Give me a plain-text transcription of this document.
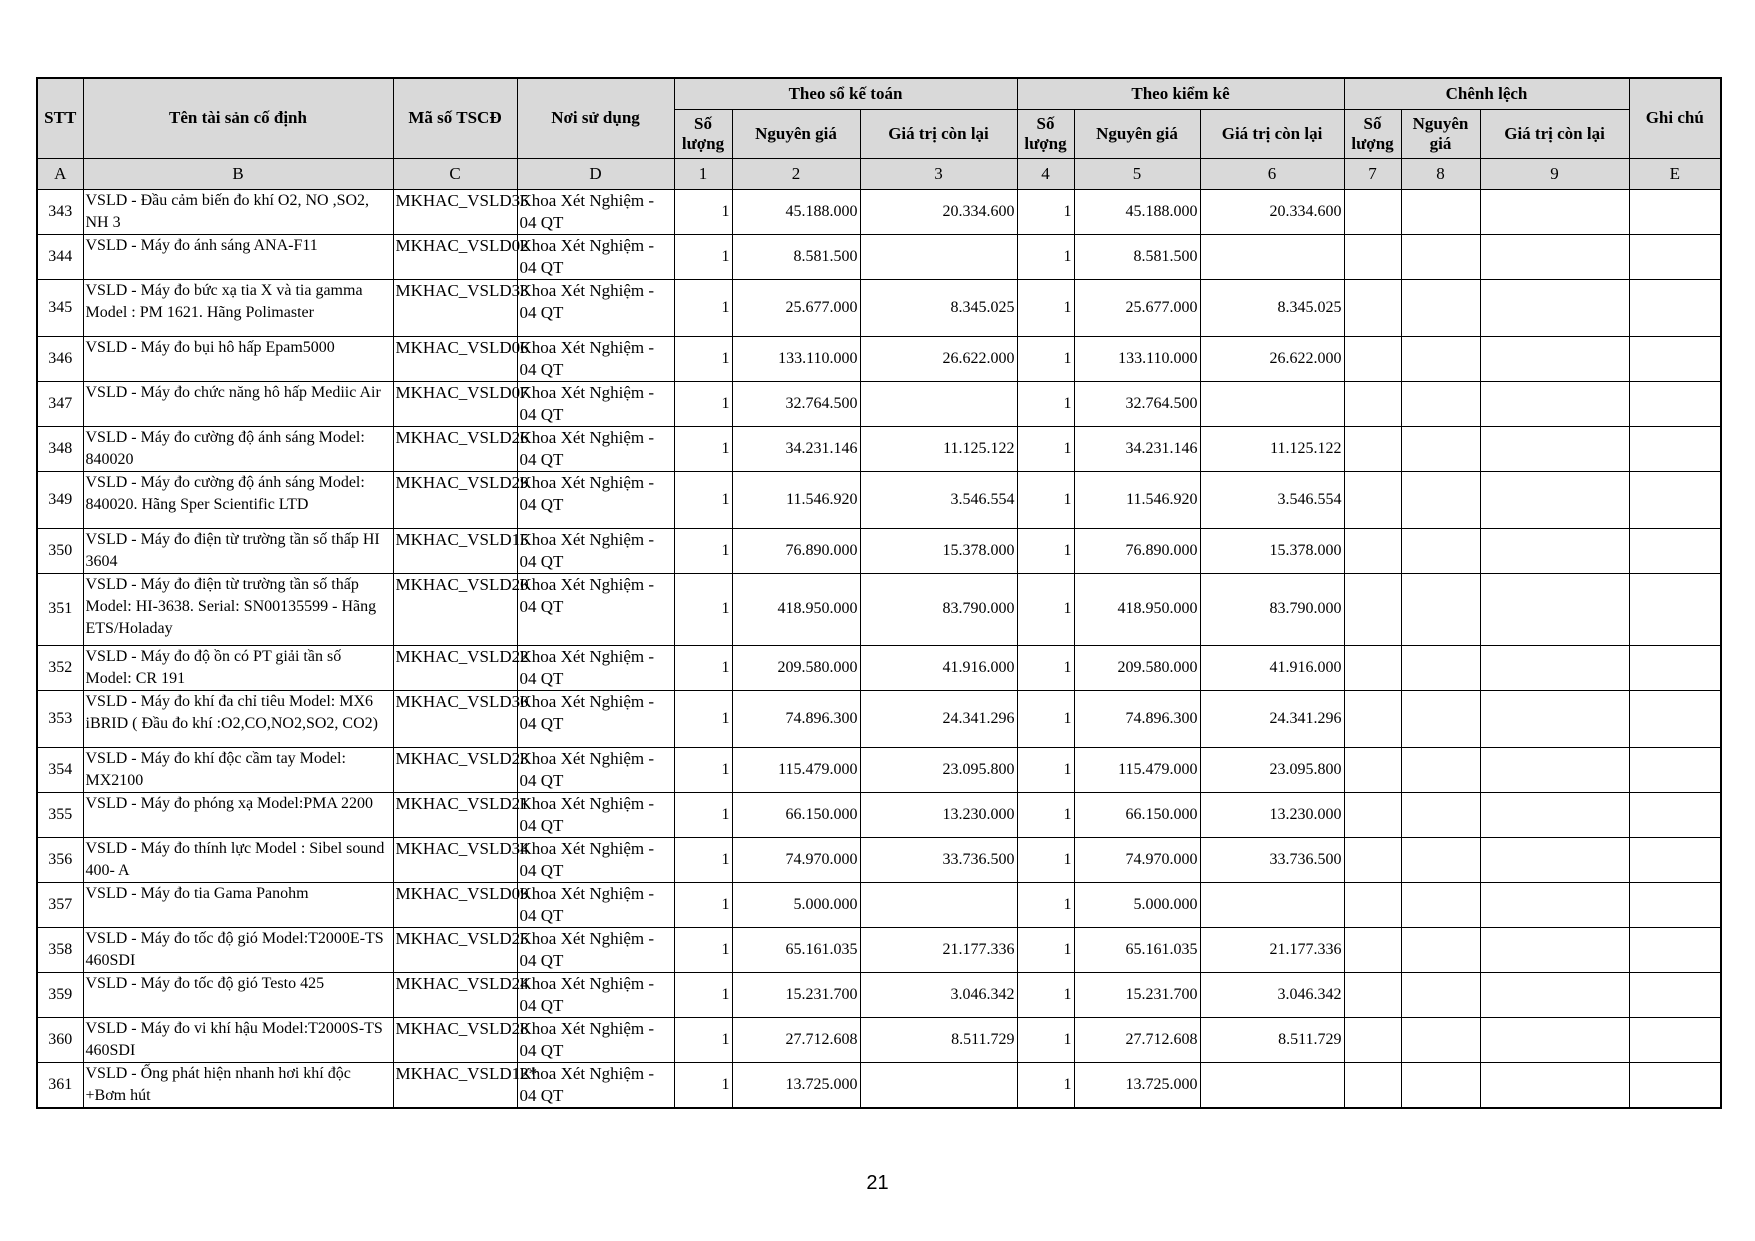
STT	Tên tài sản cố định	Mã số TSCĐ	Nơi sử dụng	Theo sổ kế toán			Theo kiểm kê			Chênh lệch			Ghi chú
				Số lượng	Nguyên giá	Giá trị còn lại	Số lượng	Nguyên giá	Giá trị còn lại	Số lượng	Nguyên giá	Giá trị còn lại	
A	B	C	D	1	2	3	4	5	6	7	8	9	E
343	VSLD - Đầu cảm biến đo khí O2, NO ,SO2, NH 3	MKHAC_VSLD35	Khoa Xét Nghiệm - 04 QT	1	45.188.000	20.334.600	1	45.188.000	20.334.600				
344	VSLD - Máy đo ánh sáng ANA-F11	MKHAC_VSLD02	Khoa Xét Nghiệm - 04 QT	1	8.581.500		1	8.581.500					
345	VSLD - Máy đo bức xạ tia X và tia gamma Model : PM 1621. Hãng Polimaster	MKHAC_VSLD33	Khoa Xét Nghiệm - 04 QT	1	25.677.000	8.345.025	1	25.677.000	8.345.025				
346	VSLD - Máy đo bụi hô hấp Epam5000	MKHAC_VSLD06	Khoa Xét Nghiệm - 04 QT	1	133.110.000	26.622.000	1	133.110.000	26.622.000				
347	VSLD - Máy đo chức năng hô hấp Mediic Air	MKHAC_VSLD07	Khoa Xét Nghiệm - 04 QT	1	32.764.500		1	32.764.500					
348	VSLD - Máy đo cường độ ánh sáng Model: 840020	MKHAC_VSLD26	Khoa Xét Nghiệm - 04 QT	1	34.231.146	11.125.122	1	34.231.146	11.125.122				
349	VSLD - Máy đo cường độ ánh sáng Model: 840020. Hãng Sper Scientific LTD	MKHAC_VSLD29	Khoa Xét Nghiệm - 04 QT	1	11.546.920	3.546.554	1	11.546.920	3.546.554				
350	VSLD - Máy đo điện từ trường tần số thấp HI 3604	MKHAC_VSLD15	Khoa Xét Nghiệm - 04 QT	1	76.890.000	15.378.000	1	76.890.000	15.378.000				
351	VSLD - Máy đo điện từ trường tần số thấp Model: HI-3638. Serial: SN00135599 - Hãng ETS/Holaday	MKHAC_VSLD20	Khoa Xét Nghiệm - 04 QT	1	418.950.000	83.790.000	1	418.950.000	83.790.000				
352	VSLD - Máy đo độ ồn có PT giải tần số Model: CR 191	MKHAC_VSLD22	Khoa Xét Nghiệm - 04 QT	1	209.580.000	41.916.000	1	209.580.000	41.916.000				
353	VSLD - Máy đo khí đa chỉ tiêu Model: MX6 iBRID ( Đầu đo khí :O2,CO,NO2,SO2, CO2)	MKHAC_VSLD30	Khoa Xét Nghiệm - 04 QT	1	74.896.300	24.341.296	1	74.896.300	24.341.296				
354	VSLD - Máy đo khí độc cầm tay Model: MX2100	MKHAC_VSLD23	Khoa Xét Nghiệm - 04 QT	1	115.479.000	23.095.800	1	115.479.000	23.095.800				
355	VSLD - Máy đo phóng xạ Model:PMA 2200	MKHAC_VSLD21	Khoa Xét Nghiệm - 04 QT	1	66.150.000	13.230.000	1	66.150.000	13.230.000				
356	VSLD - Máy đo thính lực Model : Sibel sound 400- A	MKHAC_VSLD34	Khoa Xét Nghiệm - 04 QT	1	74.970.000	33.736.500	1	74.970.000	33.736.500				
357	VSLD - Máy đo tia Gama Panohm	MKHAC_VSLD09	Khoa Xét Nghiệm - 04 QT	1	5.000.000		1	5.000.000					
358	VSLD - Máy đo tốc độ gió Model:T2000E-TS 460SDI	MKHAC_VSLD25	Khoa Xét Nghiệm - 04 QT	1	65.161.035	21.177.336	1	65.161.035	21.177.336				
359	VSLD - Máy đo tốc độ gió Testo 425	MKHAC_VSLD24	Khoa Xét Nghiệm - 04 QT	1	15.231.700	3.046.342	1	15.231.700	3.046.342				
360	VSLD - Máy đo vi khí hậu Model:T2000S-TS 460SDI	MKHAC_VSLD28	Khoa Xét Nghiệm - 04 QT	1	27.712.608	8.511.729	1	27.712.608	8.511.729				
361	VSLD - Ống phát hiện nhanh hơi khí độc +Bơm hút	MKHAC_VSLD12*	Khoa Xét Nghiệm - 04 QT	1	13.725.000		1	13.725.000					
21
